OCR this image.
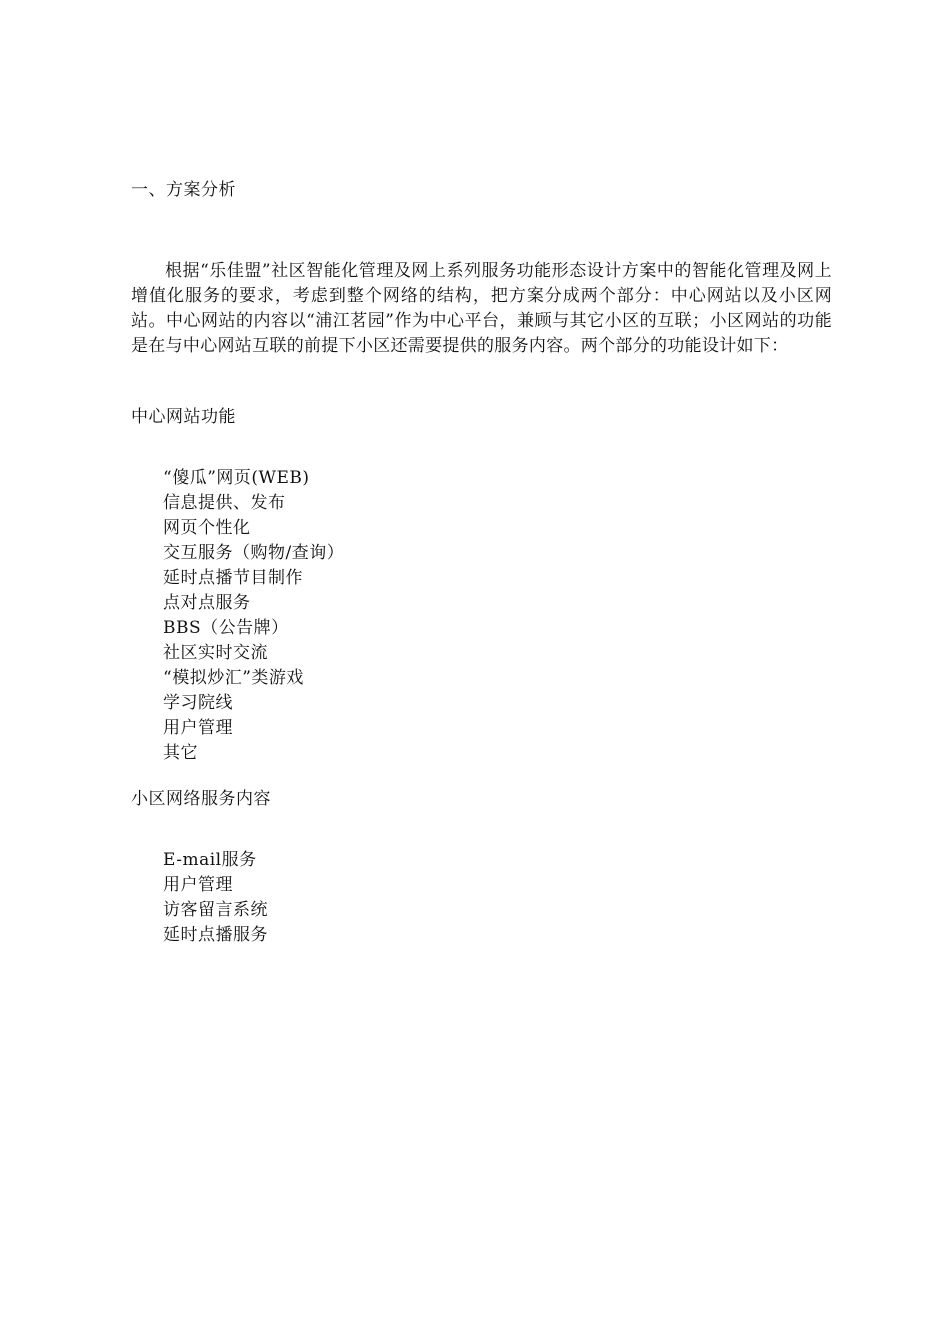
一、方案分析

根据“乐佳盟”社区智能化管理及网上系列服务功能形态设计方案中的智能化管理及网上增值化服务的要求，考虑到整个网络的结构，把方案分成两个部分：中心网站以及小区网站。中心网站的内容以“浦江茗园”作为中心平台，兼顾与其它小区的互联；小区网站的功能是在与中心网站互联的前提下小区还需要提供的服务内容。两个部分的功能设计如下：

中心网站功能
“傻瓜”网页(WEB)
信息提供、发布
网页个性化
交互服务（购物/查询）
延时点播节目制作
点对点服务
BBS（公告牌）
社区实时交流
“模拟炒汇”类游戏
学习院线
用户管理
其它
小区网络服务内容
E-mail服务
用户管理
访客留言系统
延时点播服务
